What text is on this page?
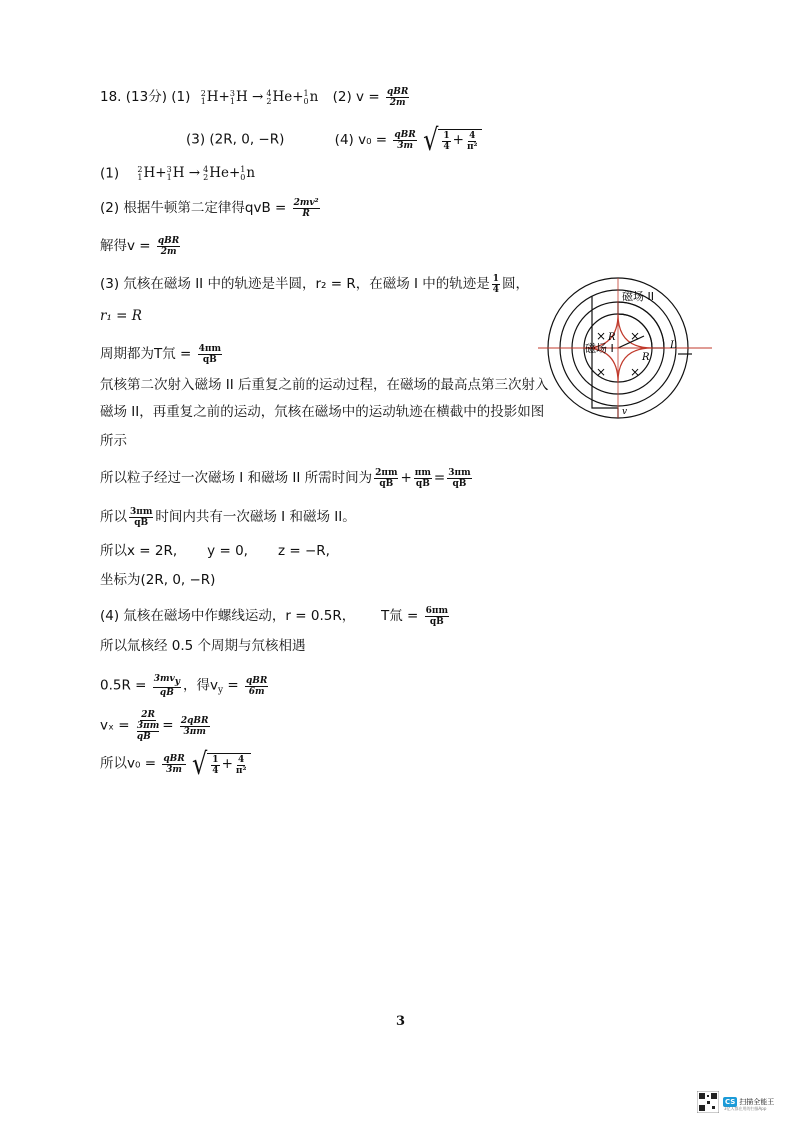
18. (13分) (1) 2
1 H+ 3
1 H → 4
2 He+ 1
0 n (2) $v = \frac{\text{qBR}}{2m}$
(3) (2R, 0, −R)	(4) $v_0 = \frac{\text{qBR}}{3m}$
√ $\frac{1}{4} + \frac{4}{\text{π²}}$
(1) 2
1 H+ 3
1 H → 4
2 He+ 1
0 n
(2) 根据牛顿第二定律得qvB = $\frac{\text{2mv²}}{R}$
解得$v = \frac{\text{qBR}}{2m}$
(3) 氘核在磁场 II 中的轨迹是半圆，r₂ = R，在磁场 I 中的轨迹是 $\frac{1}{4}$ 圆，
r₁ = R
周期都为T氘 = $\frac{4\pi m}{qB}$
氘核第二次射入磁场 II 后重复之前的运动过程，在磁场的最高点第三次射入
磁场 II，再重复之前的运动，氘核在磁场中的运动轨迹在横截中的投影如图
所示
所以粒子经过一次磁场 I 和磁场 II 所需时间为 $\frac{2\pi m}{qB} + \frac{\pi m}{qB} = \frac{3\pi m}{qB}$
所以 $\frac{3\pi m}{qB}$ 时间内共有一次磁场 I 和磁场 II。
所以x = 2R,       y = 0,       z = −R,
坐标为(2R, 0, −R)
(4) 氚核在磁场中作螺线运动，r = 0.5R，      T氚 = $\frac{6\pi m}{qB}$
所以氚核经 0.5 个周期与氘核相遇
$0.5R = \frac{\text{3mvy}}{qB}$ ，得$v_y = \frac{\text{qBR}}{6m}$
vₓ = 2R
3πm
qB = $\frac{\text{2qBR}}{3\pi m}$
所以$v_0 = \frac{\text{qBR}}{3m}$
√ $\frac{1}{4} + \frac{4}{\text{π²}}$
磁场 II
磁场 I
R
R
L
v
× ×
× ×
3
CS 扫描全能王
3亿人都在用的扫描App
